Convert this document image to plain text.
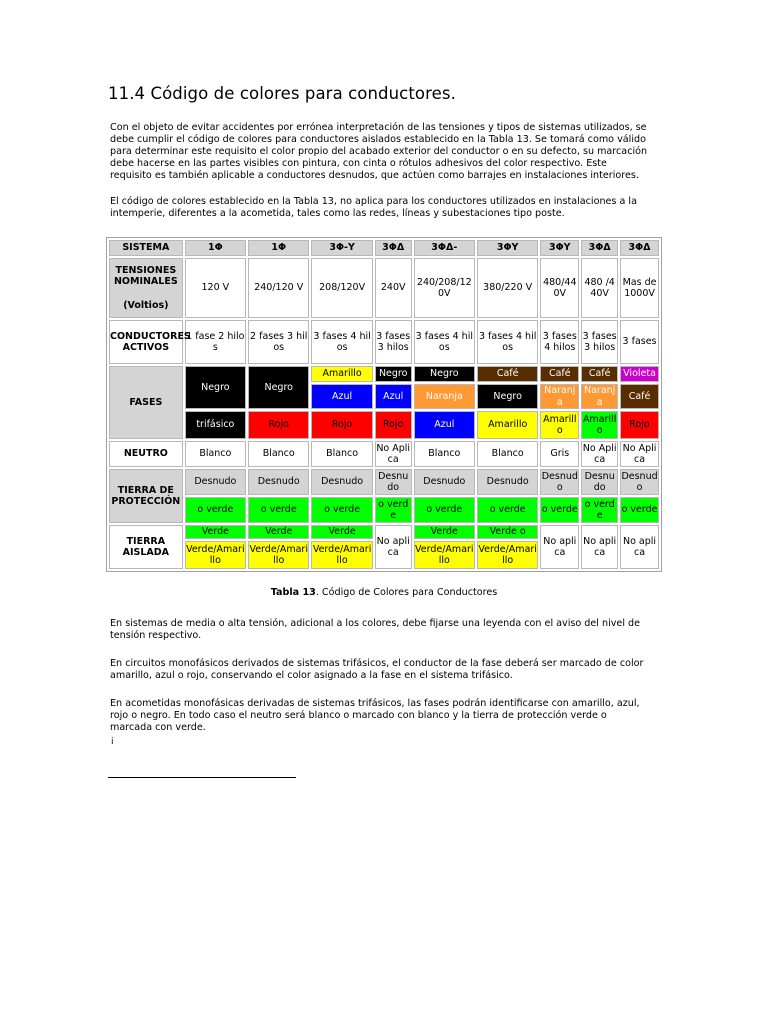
11.4 Código de colores para conductores.

Con el objeto de evitar accidentes por errónea interpretación de las tensiones y tipos de sistemas utilizados, se debe cumplir el código de colores para conductores aislados establecido en la Tabla 13. Se tomará como válido para determinar este requisito el color propio del acabado exterior del conductor o en su defecto, su marcación debe hacerse en las partes visibles con pintura, con cinta o rótulos adhesivos del color respectivo. Este requisito es también aplicable a conductores desnudos, que actúen como barrajes en instalaciones interiores.

El código de colores establecido en la Tabla 13, no aplica para los conductores utilizados en instalaciones a la intemperie, diferentes a la acometida, tales como las redes, líneas y subestaciones tipo poste.

SISTEMA	1Φ	1Φ	3Φ-Y	3ΦΔ	3ΦΔ-	3ΦY	3ΦY	3ΦΔ	3ΦΔ

TENSIONES NOMINALES
(Voltios)	120 V	240/120 V	208/120V	240V	240/208/120V	380/220 V	480/440V	480 /440V	Mas de 1000V
CONDUCTORES ACTIVOS	1 fase 2 hilos	2 fases 3 hilos	3 fases 4 hilos	3 fases 3 hilos	3 fases 4 hilos	3 fases 4 hilos	3 fases 4 hilos	3 fases 3 hilos	3 fases
FASES	Negro	Negro	Amarillo	Negro	Negro	Café	Café	Café	Violeta
			Azul	Azul	Naranja	Negro	Naranja	Naranja	Café
	trifásico	Rojo	Rojo	Rojo	Azul	Amarillo	Amarillo	Amarillo	Rojo
NEUTRO	Blanco	Blanco	Blanco	No Aplica	Blanco	Blanco	Gris	No Aplica	No Aplica
TIERRA DE PROTECCIÓN	Desnudo	Desnudo	Desnudo	Desnudo	Desnudo	Desnudo	Desnudo	Desnudo	Desnudo
	o verde	o verde	o verde	o verde	o verde	o verde	o verde	o verde	o verde
TIERRA AISLADA	Verde	Verde	Verde	No aplica	Verde	Verde o	No aplica	No aplica	No aplica
	Verde/Amarillo	Verde/Amarillo	Verde/Amarillo		Verde/Amarillo	Verde/Amarillo			

Tabla 13. Código de Colores para Conductores

En sistemas de media o alta tensión, adicional a los colores, debe fijarse una leyenda con el aviso del nivel de tensión respectivo.

En circuitos monofásicos derivados de sistemas trifásicos, el conductor de la fase deberá ser marcado de color amarillo, azul o rojo, conservando el color asignado a la fase en el sistema trifásico.

En acometidas monofásicas derivadas de sistemas trifásicos, las fases podrán identificarse con amarillo, azul, rojo o negro. En todo caso el neutro será blanco o marcado con blanco y la tierra de protección verde o marcada con verde.

i
